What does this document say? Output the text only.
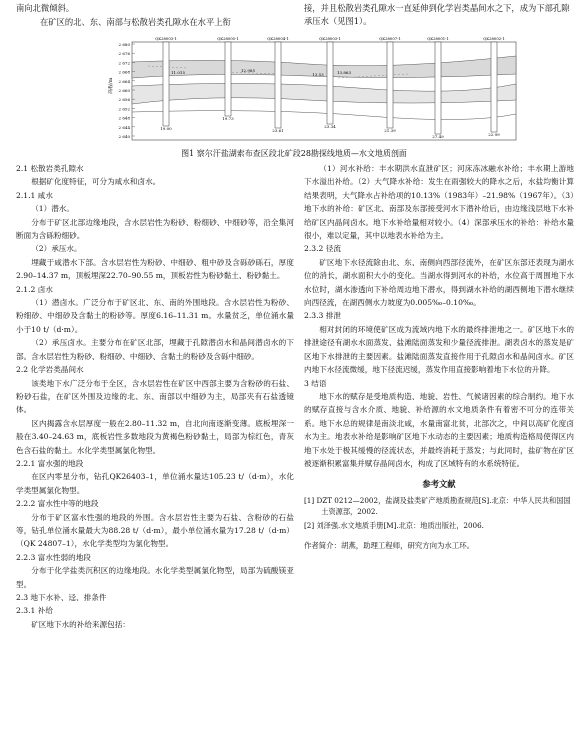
南向北微倾斜。
在矿区的北、东、南部与松散岩类孔隙水在水平上衔
接，并且松散岩类孔隙水一直延伸到化学岩类晶间水之下，成为下部孔隙承压水（见图1）。
2 680
2 676
2 672
2 668
2 664
2 660
2 656
2 652
2 648
2 644
2 640
QK28003-1	QK28005-1	QK28004-1	QK28003-1	QK28007-1	QK28001-1	QK28002-1
11.015	12.985
13.53	13.863
19.00
19.73
23.61
23.34
21.39
27.49	22.99
高程/m
图1 察尔汗盐湖索布查区段北矿段28勘探线地质—水文地质剖面
2.1 松散岩类孔隙水
根据矿化度特征，可分为咸水和卤水。
2.1.1 咸水
（1）潜水。
分布于矿区北部边缘地段，含水层岩性为粉砂、粉细砂、中细砂等，沿全集河断面为含砾粉细砂。
（2）承压水。
埋藏于咸潜水下部。含水层岩性为粉砂、中细砂、粗中砂及含砾砂砾石，厚度2.90–14.37 m，顶板埋深22.70–90.55 m，顶板岩性为粉砂黏土、粉砂黏土。
2.1.2 卤水
（1）潜卤水。广泛分布于矿区北、东、南的外围地段。含水层岩性为粉砂、粉细砂、中细砂及含黏土的粉砂等。厚度6.16–11.31 m。水量贫乏，单位涌水量小于10 t/（d·m）。
（2）承压卤水。主要分布在矿区北部，埋藏于孔隙潜卤水和晶间潜卤水的下部。含水层岩性为粉砂、粉细砂、中细砂、含黏土的粉砂及含砾中细砂。
2.2 化学岩类晶间水
该类地下水广泛分布于全区，含水层岩性在矿区中西部主要为含粉砂的石盐、粉砂石盐，在矿区外围及边缘的北、东、南部以中细砂为主，局部夹有石盐透镜体。
区内揭露含水层厚度一般在2.80–11.32 m，自北向南逐渐变薄。底板埋深一般在3.40–24.63 m，底板岩性多数地段为黄褐色粉砂黏土，局部为棕红色，青灰色含石盐的黏土。水化学类型属氯化物型。
2.2.1 富水强的地段
在区内零星分布，钻孔QK26403–1，单位涌水量达105.23 t/（d·m），水化学类型属氯化物型。
2.2.2 富水性中等的地段
分布于矿区富水性强的地段的外围。含水层岩性主要为石盐、含粉砂的石盐等，钻孔单位涌水量最大为88.28 t/（d·m），最小单位涌水量为17.28 t/（d·m）（QK 24807–1），水化学类型均为氯化物型。
2.2.3 富水性弱的地段
分布于化学盐类沉积区的边缘地段。水化学类型属氯化物型，局部为硫酸镁亚型。
2.3 地下水补、迳、排条件
2.3.1 补给
矿区地下水的补给来源包括：
（1）河水补给：丰水期洪水直泄矿区；河床冻冰融水补给；丰水期上游地下水溢出补给。（2）大气降水补给：发生在雨强较大的降水之后，水盐均衡计算结果表明，大气降水占补给项的10.13%（1983年）–21.98%（1967年）。（3）地下水的补给：矿区北、南部及东部接受河水下潜补给后，由边缘浅层地下水补给矿区内晶间卤水。地下水补给量相对较小。（4）深部承压水的补给：补给水量很小，难以定量，其中以地表水补给为主。
2.3.2 径流
矿区地下水径流除由北、东、南侧向西部径流外，在矿区东部还表现为湖水位的消长，湖水面积大小的变化。当湖水得到河水的补给，水位高于周围地下水水位时，湖水渗透向下补给周边地下潜水，得到湖水补给的湖西侧地下潜水继续向西径流，在湖西侧水力坡度为0.005‰–0.10‰。
2.3.3 排泄
相对封闭的环境使矿区成为流域内地下水的最终排泄地之一。矿区地下水的排泄途径有湖水水面蒸发、盐滩陆面蒸发和少量径流排泄。湖表卤水的蒸发是矿区地下水排泄的主要因素。盐滩陆面蒸发直接作用于孔隙卤水和晶间卤水。矿区内地下水径流微缓，地下径流迟缓，蒸发作用直接影响着地下水位的升降。
3 结语
地下水的赋存是受地质构造、地貌、岩性、气候诸因素的综合制约。地下水的赋存直接与含水介质、地貌、补给源的水文地质条件有着密不可分的连带关系。地下水总的规律是南淡北咸，水量南富北贫，北部次之，中间以高矿化度卤水为主。地表水补给是影响矿区地下水动态的主要因素；地质构造格局使得区内地下水处于极其缓慢的径流状态，并最终消耗于蒸发；与此同时，盐矿物在矿区被逐渐积累富集并赋存晶间卤水，构成了区域特有的水系统特征。
参考文献
[1] DZT 0212—2002，盐湖及盐类矿产地质勘查规范[S].北京：中华人民共和国国土资源部，2002.
[2] 刘泽强.水文地质手册[M].北京：地质出版社，2006.
作者简介：胡燕，助理工程师，研究方向为水工环。
